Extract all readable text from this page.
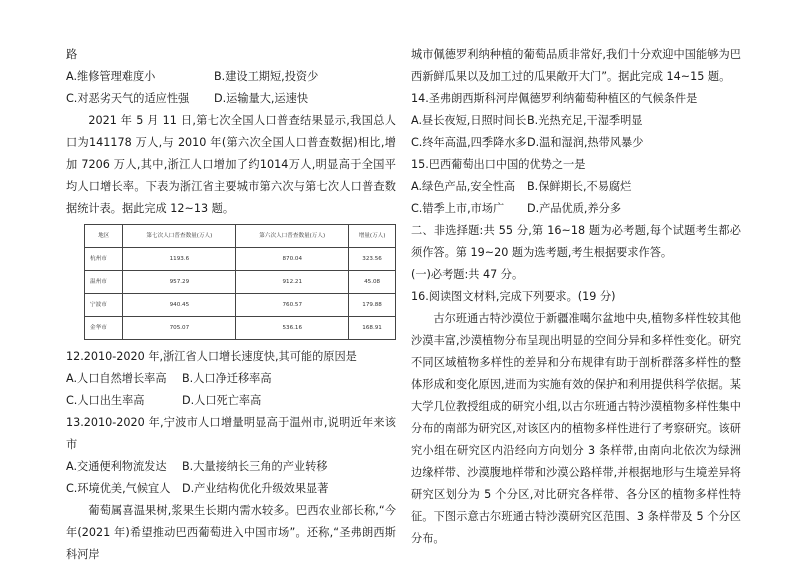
路

A.维修管理难度小	B.建设工期短,投资少
C.对恶劣天气的适应性强	D.运输量大,运速快

2021 年 5 月 11 日,第七次全国人口普查结果显示,我国总人口为141178 万人,与 2010 年(第六次全国人口普查数据)相比,增加 7206 万人,其中,浙江人口增加了约1014万人,明显高于全国平均人口增长率。下表为浙江省主要城市第六次与第七次人口普查数据统计表。据此完成 12~13 题。

地区	第七次人口普查数量(万人)	第六次人口普查数量(万人)	增量(万人)
杭州市	1193.6	870.04	323.56
温州市	957.29	912.21	45.08
宁波市	940.45	760.57	179.88
金华市	705.07	536.16	168.91

12.2010-2020 年,浙江省人口增长速度快,其可能的原因是

A.人口自然增长率高	B.人口净迁移率高
C.人口出生率高	D.人口死亡率高

13.2010-2020 年,宁波市人口增量明显高于温州市,说明近年来该市

A.交通便利物流发达	B.大量接纳长三角的产业转移
C.环境优美,气候宜人	D.产业结构优化升级效果显著

葡萄属喜温果树,浆果生长期内需水较多。巴西农业部长称,“今年(2021 年)希望推动巴西葡萄进入中国市场”。还称,“圣弗朗西斯科河岸

城市佩德罗利纳种植的葡萄品质非常好,我们十分欢迎中国能够为巴西新鲜瓜果以及加工过的瓜果敞开大门”。据此完成 14~15 题。

14.圣弗朗西斯科河岸佩德罗利纳葡萄种植区的气候条件是

A.昼长夜短,日照时间长 B.光热充足,干湿季明显
C.终年高温,四季降水多 D.温和湿润,热带风暴少

15.巴西葡萄出口中国的优势之一是

A.绿色产品,安全性高	B.保鲜期长,不易腐烂
C.错季上市,市场广	D.产品优质,养分多

二、非选择题:共 55 分,第 16~18 题为必考题,每个试题考生都必须作答。第 19~20 题为选考题,考生根据要求作答。

(一)必考题:共 47 分。

16.阅读图文材料,完成下列要求。(19 分)

古尔班通古特沙漠位于新疆准噶尔盆地中央,植物多样性较其他沙漠丰富,沙漠植物分布呈现出明显的空间分异和多样性变化。研究不同区域植物多样性的差异和分布规律有助于剖析群落多样性的整体形成和变化原因,进而为实施有效的保护和利用提供科学依据。某大学几位教授组成的研究小组,以古尔班通古特沙漠植物多样性集中分布的南部为研究区,对该区内的植物多样性进行了考察研究。该研究小组在研究区内沿经向方向划分 3 条样带,由南向北依次为绿洲边缘样带、沙漠腹地样带和沙漠公路样带,并根据地形与生境差异将研究区划分为 5 个分区,对比研究各样带、各分区的植物多样性特征。下图示意古尔班通古特沙漠研究区范围、3 条样带及 5 个分区分布。
